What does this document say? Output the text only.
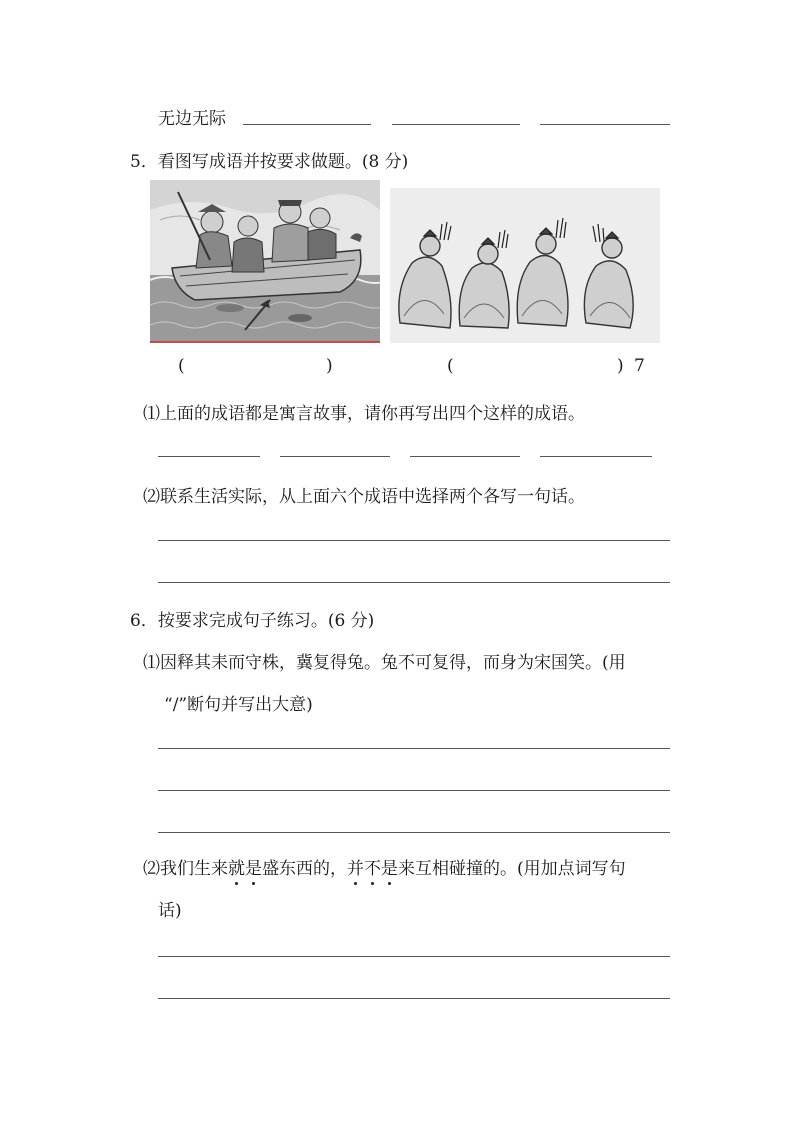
无边无际
5．看图写成语并按要求做题。(8 分)
(	)	(	) 7
⑴上面的成语都是寓言故事，请你再写出四个这样的成语。
⑵联系生活实际，从上面六个成语中选择两个各写一句话。
6．按要求完成句子练习。(6 分)
⑴因释其耒而守株，冀复得兔。兔不可复得，而身为宋国笑。(用
“/”断句并写出大意)
⑵我们生来就是盛东西的，并不是来互相碰撞的。(用加点词写句
话)
